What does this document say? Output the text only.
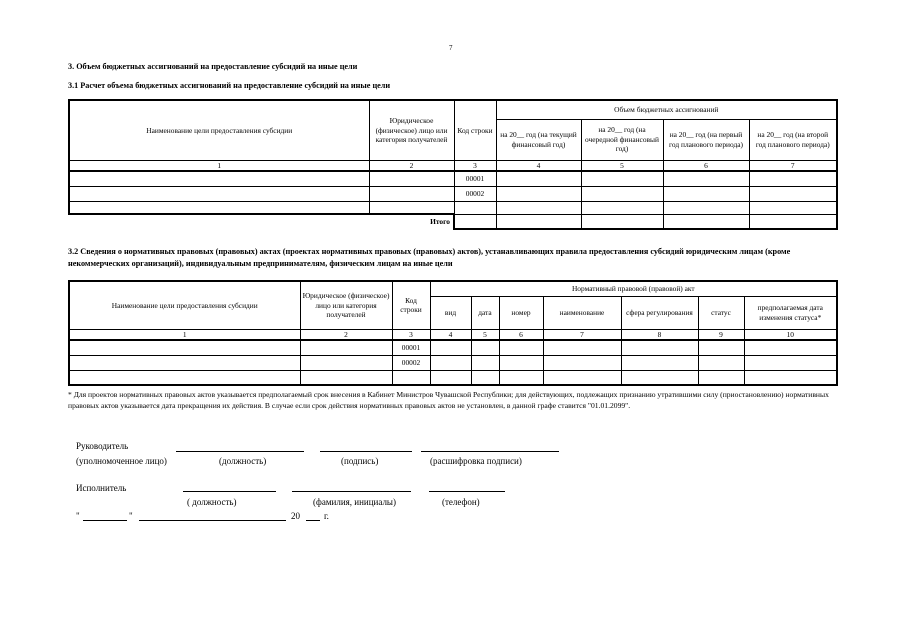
7
3. Объем бюджетных ассигнований на предоставление субсидий на иные цели
3.1 Расчет объема бюджетных ассигнований на предоставление субсидий на иные цели
Наименование цели предоставления субсидии	Юридическое (физическое) лицо или категория получателей	Код строки	Объем бюджетных ассигнований			
			на 20__ год (на текущий финансовый год)	на 20__ год (на очередной финансовый год)	на 20__ год (на первый год планового периода)	на 20__ год (на второй год планового периода)
1	2	3	4	5	6	7
		00001				
		00002				

Итого						
3.2 Сведения о нормативных правовых (правовых) актах (проектах нормативных правовых (правовых) актов), устанавливающих правила предоставления субсидий юридическим лицам (кроме некоммерческих организаций), индивидуальным предпринимателям, физическим лицам на иные цели
Наименование цели предоставления субсидии	Юридическое (физическое) лицо или категория получателей	Код строки	Нормативный правовой (правовой) акт						
			вид	дата	номер	наименование	сфера регулирования	статус	предполагаемая дата изменения статуса*
1	2	3	4	5	6	7	8	9	10
		00001							
		00002							

* Для проектов нормативных правовых актов указывается предполагаемый срок внесения в Кабинет Министров Чувашской Республики; для действующих, подлежащих признанию утратившими силу (приостановлению) нормативных правовых актов указывается дата прекращения их действия. В случае если срок действия нормативных правовых актов не установлен, в данной графе ставится "01.01.2099".
Руководитель
(уполномоченное лицо)	(должность)	(подпись)	(расшифровка подписи)
Исполнитель
( должность)	(фамилия, инициалы)	(телефон)
"	"	20	г.
